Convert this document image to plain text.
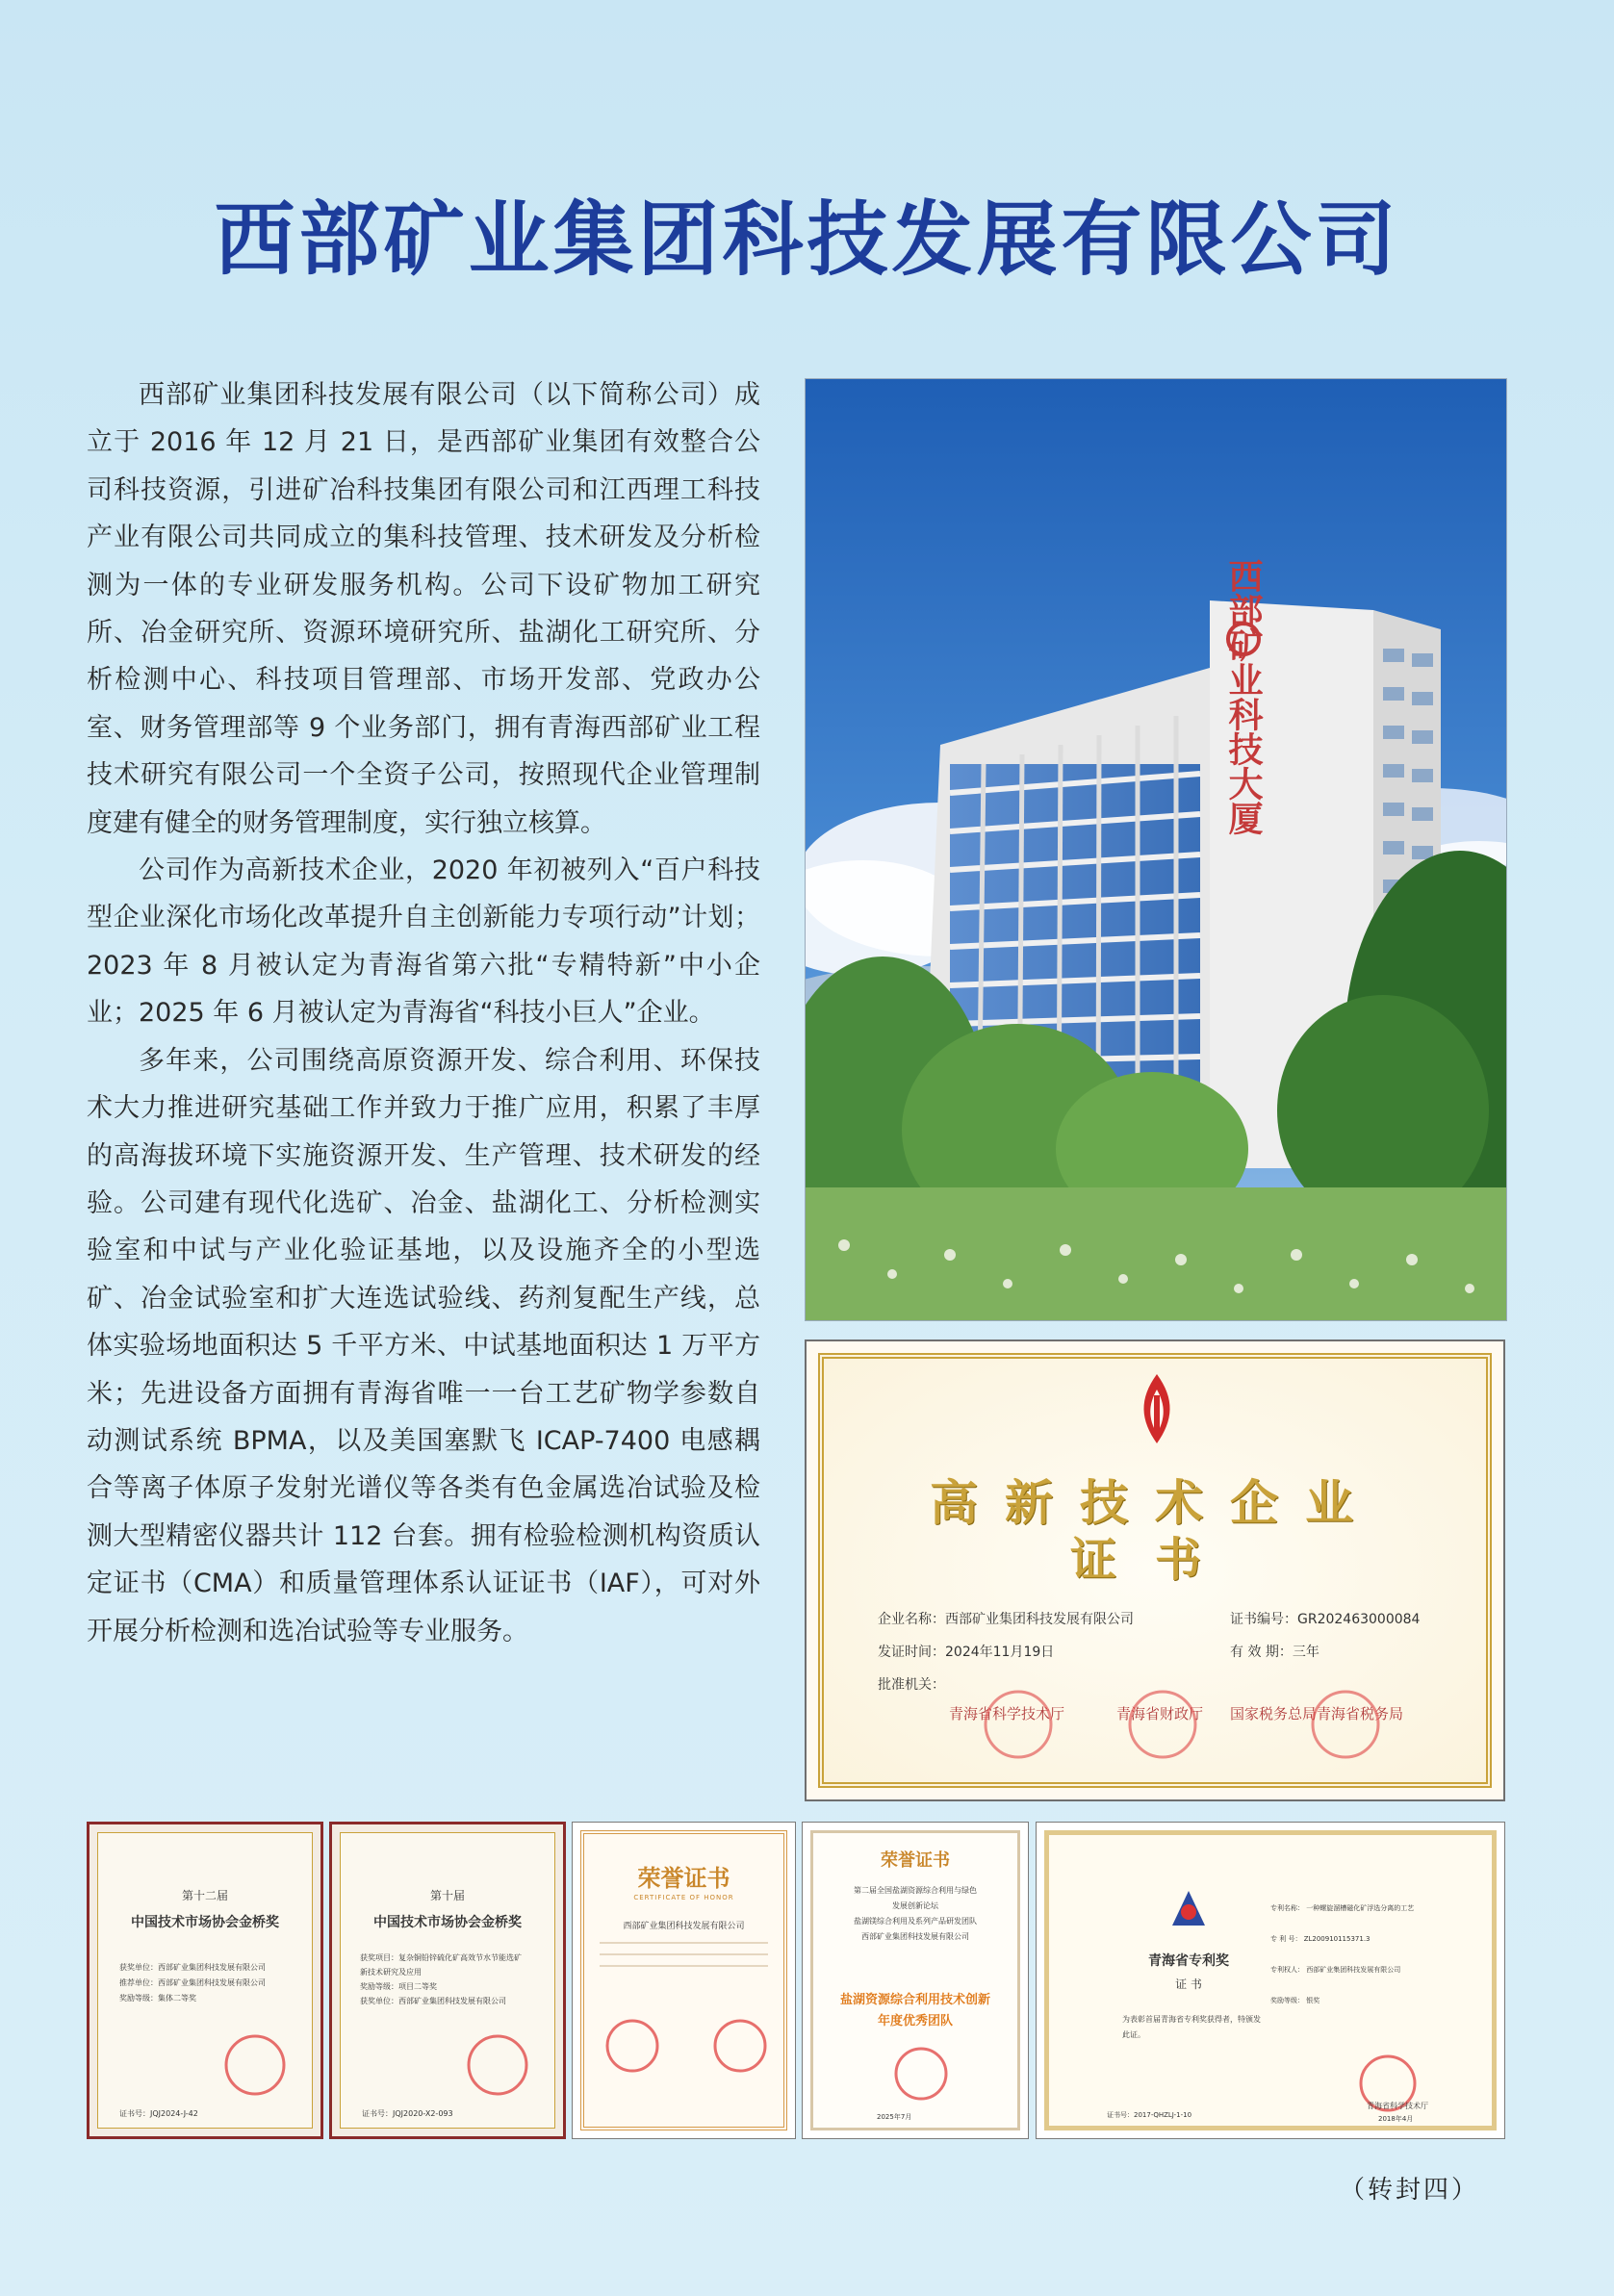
西部矿业集团科技发展有限公司

西部矿业集团科技发展有限公司（以下简称公司）成立于 2016 年 12 月 21 日，是西部矿业集团有效整合公司科技资源，引进矿冶科技集团有限公司和江西理工科技产业有限公司共同成立的集科技管理、技术研发及分析检测为一体的专业研发服务机构。公司下设矿物加工研究所、冶金研究所、资源环境研究所、盐湖化工研究所、分析检测中心、科技项目管理部、市场开发部、党政办公室、财务管理部等 9 个业务部门，拥有青海西部矿业工程技术研究有限公司一个全资子公司，按照现代企业管理制度建有健全的财务管理制度，实行独立核算。

公司作为高新技术企业，2020 年初被列入“百户科技型企业深化市场化改革提升自主创新能力专项行动”计划；2023 年 8 月被认定为青海省第六批“专精特新”中小企业；2025 年 6 月被认定为青海省“科技小巨人”企业。

多年来，公司围绕高原资源开发、综合利用、环保技术大力推进研究基础工作并致力于推广应用，积累了丰厚的高海拔环境下实施资源开发、生产管理、技术研发的经验。公司建有现代化选矿、冶金、盐湖化工、分析检测实验室和中试与产业化验证基地，以及设施齐全的小型选矿、冶金试验室和扩大连选试验线、药剂复配生产线，总体实验场地面积达 5 千平方米、中试基地面积达 1 万平方米；先进设备方面拥有青海省唯一一台工艺矿物学参数自动测试系统 BPMA，以及美国塞默飞 ICAP-7400 电感耦合等离子体原子发射光谱仪等各类有色金属选冶试验及检测大型精密仪器共计 112 台套。拥有检验检测机构资质认定证书（CMA）和质量管理体系认证证书（IAF），可对外开展分析检测和选冶试验等专业服务。

西部矿业科技大厦
高新技术企业
证书
企业名称：西部矿业集团科技发展有限公司	证书编号：GR202463000084
发证时间：2024年11月19日	有 效 期：三年
批准机关：
青海省科学技术厅	青海省财政厅 国家税务总局青海省税务局
第十二届
中国技术市场协会金桥奖
获奖单位：西部矿业集团科技发展有限公司
推荐单位：西部矿业集团科技发展有限公司
奖励等级：集体二等奖
证书号：JQJ2024-J-42
第十届
中国技术市场协会金桥奖
获奖项目：复杂铜铅锌硫化矿高效节水节能选矿
新技术研究及应用
奖励等级：项目二等奖
获奖单位：西部矿业集团科技发展有限公司
证书号：JQJ2020-X2-093
荣誉证书
CERTIFICATE OF HONOR
西部矿业集团科技发展有限公司
荣誉证书
第二届全国盐湖资源综合利用与绿色
发展创新论坛
盐湖镁综合利用及系列产品研发团队
西部矿业集团科技发展有限公司
盐湖资源综合利用技术创新
年度优秀团队
2025年7月
青海省专利奖
证 书
为表彰首届青海省专利奖获得者，特颁发此证。
专利名称： 一种螺旋溜槽磁化矿浮选分离的工艺
专 利 号： ZL200910115371.3
专利权人： 西部矿业集团科技发展有限公司
奖励等级： 银奖
证书号：2017-QHZLJ-1-10
青海省科学技术厅
2018年4月
（转封四）
